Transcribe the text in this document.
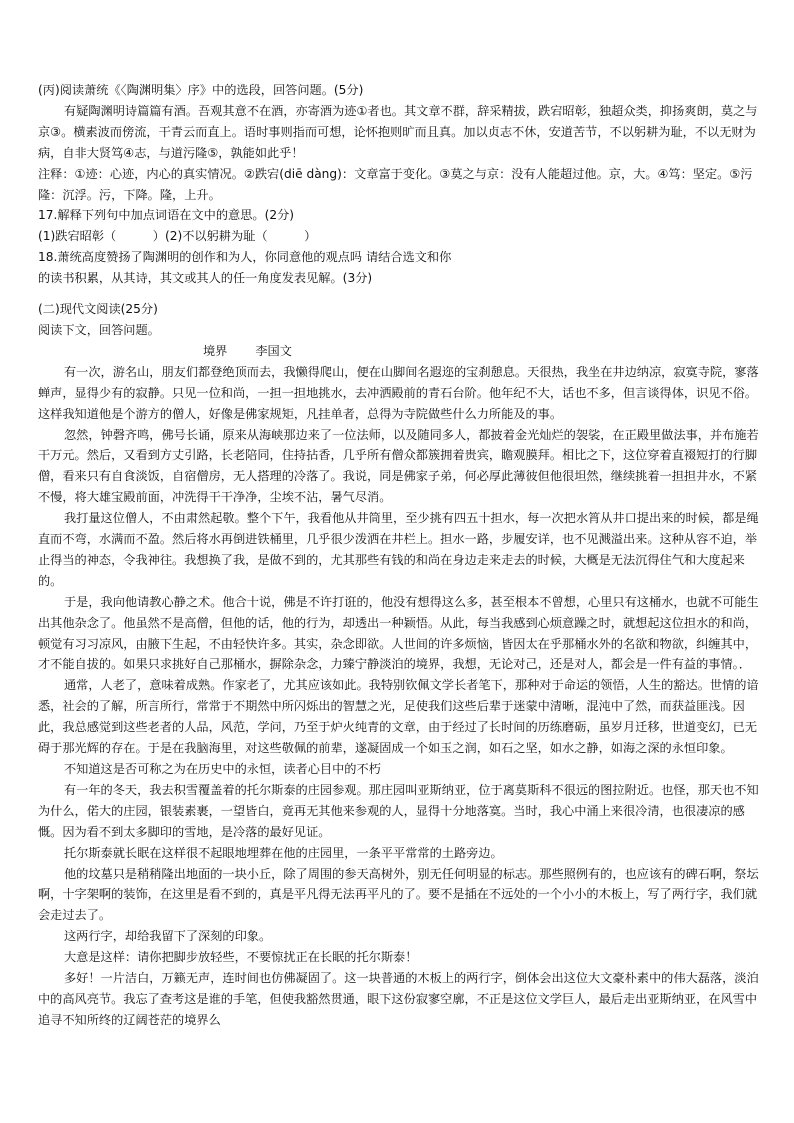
(丙)阅读萧统《〈陶渊明集〉序》中的选段，回答问题。(5分)

有疑陶渊明诗篇篇有酒。吾观其意不在酒，亦寄酒为迹①者也。其文章不群，辞采精拔，跌宕昭彰，独超众类，抑扬爽朗，莫之与京③。横素波而傍流，干青云而直上。语时事则指而可想，论怀抱则旷而且真。加以贞志不休，安道苦节，不以躬耕为耻，不以无财为病，自非大贤笃④志，与道污隆⑤，孰能如此乎！

注释：①迹：心迹，内心的真实情况。②跌宕(diē dàng)：文章富于变化。③莫之与京：没有人能超过他。京，大。④笃：坚定。⑤污隆：沉浮。污，下降。隆，上升。

17.解释下列句中加点词语在文中的意思。(2分)

(1)跌宕昭彰（　　　）(2)不以躬耕为耻（　　　）

18.萧统高度赞扬了陶渊明的创作和为人，你同意他的观点吗 请结合选文和你

的读书积累，从其诗，其文或其人的任一角度发表见解。(3分)

(二)现代文阅读(25分)

阅读下文，回答问题。

境界 李国文

有一次，游名山，朋友们都登绝顶而去，我懒得爬山，便在山脚间名遐迩的宝刹憩息。天很热，我坐在井边纳凉，寂寞寺院，寥落蝉声，显得少有的寂静。只见一位和尚，一担一担地挑水，去冲洒殿前的青石台阶。他年纪不大，话也不多，但言谈得体，识见不俗。这样我知道他是个游方的僧人，好像是佛家规矩，凡挂单者，总得为寺院做些什么力所能及的事。

忽然，钟磬齐鸣，佛号长诵，原来从海峡那边来了一位法师，以及随同多人，都披着金光灿烂的袈裟，在正殿里做法事，并布施若干万元。然后，又看到方丈引路，长老陪同，住持拈香，几乎所有僧众都簇拥着贵宾，瞻观膜拜。相比之下，这位穿着直裰短打的行脚僧，看来只有自食淡饭，自宿僧房，无人搭理的冷落了。我说，同是佛家子弟，何必厚此薄彼但他很坦然，继续挑着一担担井水，不紧不慢，将大雄宝殿前面，冲洗得干干净净，尘埃不沾，暑气尽消。

我打量这位僧人，不由肃然起敬。整个下午，我看他从井筒里，至少挑有四五十担水，每一次把水筲从井口提出来的时候，都是绳直而不弯，水满而不盈。然后将水再倒进铁桶里，几乎很少泼洒在井栏上。担水一路，步履安详，也不见溅溢出来。这种从容不迫，举止得当的神态，令我神往。我想换了我，是做不到的，尤其那些有钱的和尚在身边走来走去的时候，大概是无法沉得住气和大度起来的。

于是，我向他请教心静之术。他合十说，佛是不许打诳的，他没有想得这么多，甚至根本不曾想，心里只有这桶水，也就不可能生出其他杂念了。他虽然不是高僧，但他的话，他的行为，却透出一种颖悟。从此，每当我感到心烦意躁之时，就想起这位担水的和尚，顿觉有习习凉风，由腋下生起，不由轻快许多。其实，杂念即欲。人世间的许多烦恼，皆因太在乎那桶水外的名欲和物欲，纠缠其中，才不能自拔的。如果只求挑好自己那桶水，摒除杂念，力臻宁静淡泊的境界，我想，无论对己，还是对人，都会是一件有益的事情。．

通常，人老了，意味着成熟。作家老了，尤其应该如此。我特别钦佩文学长者笔下，那种对于命运的领悟，人生的豁达。世情的谙悉，社会的了解，所言所行，常常于不期然中所闪烁出的智慧之光，足使我们这些后辈于迷蒙中清晰，混沌中了然，而获益匪浅。因此，我总感觉到这些老者的人品，风范，学问，乃至于炉火纯青的文章，由于经过了长时间的历练磨砺，虽岁月迁移，世道变幻，已无碍于那光辉的存在。于是在我脑海里，对这些敬佩的前辈，遂凝固成一个如玉之润，如石之坚，如水之静，如海之深的永恒印象。

不知道这是否可称之为在历史中的永恒，读者心目中的不朽

有一年的冬天，我去积雪覆盖着的托尔斯泰的庄园参观。那庄园叫亚斯纳亚，位于离莫斯科不很远的图拉附近。也怪，那天也不知为什么，偌大的庄园，银装素裹，一望皆白，竟再无其他来参观的人，显得十分地落寞。当时，我心中涌上来很冷清，也很凄凉的感慨。因为看不到太多脚印的雪地，是冷落的最好见证。

托尔斯泰就长眠在这样很不起眼地埋葬在他的庄园里，一条平平常常的土路旁边。

他的坟墓只是稍稍隆出地面的一块小丘，除了周围的参天高树外，别无任何明显的标志。那些照例有的，也应该有的碑石啊，祭坛啊，十字架啊的装饰，在这里是看不到的，真是平凡得无法再平凡的了。要不是插在不远处的一个小小的木板上，写了两行字，我们就会走过去了。

这两行字，却给我留下了深刻的印象。

大意是这样：请你把脚步放轻些，不要惊扰正在长眠的托尔斯泰！

多好！一片洁白，万籁无声，连时间也仿佛凝固了。这一块普通的木板上的两行字，倒体会出这位大文豪朴素中的伟大磊落，淡泊中的高风亮节。我忘了查考这是谁的手笔，但使我豁然贯通，眼下这份寂寥空廓，不正是这位文学巨人，最后走出亚斯纳亚，在风雪中追寻不知所终的辽阔苍茫的境界么
